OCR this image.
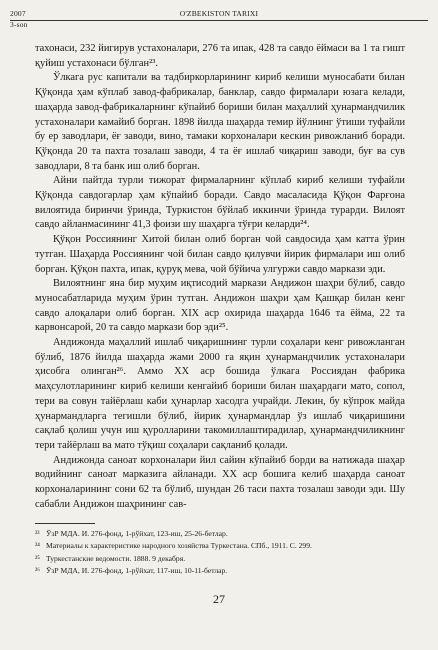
2007	O'ZBEKISTON TARIXI
3-son

тахонаси, 232 йигирув устахоналари, 276 та ипак, 428 та савдо ёймаси ва 1 та гишт қуйиш устахонаси бўлган²³.

Ўлкага рус капитали ва тадбиркорларининг кириб келиши муносабати билан Қўқонда ҳам кўплаб завод-фабрикалар, банклар, савдо фирмалари юзага келади, шаҳарда завод-фабрикаларнинг кўпайиб бориши билан маҳаллий ҳунармандчилик устахоналари камайиб борган. 1898 йилда шаҳарда темир йўлнинг ўтиши туфайли бу ер заводлари, ёғ заводи, вино, тамаки корхоналари кескин ривожланиб боради. Қўқонда 20 та пахта тозалаш заводи, 4 та ёғ ишлаб чиқариш заводи, буғ ва сув заводлари, 8 та банк иш олиб борган.

Айни пайтда турли тижорат фирмаларнинг кўплаб кириб келиши туфайли Қўқонда савдогарлар ҳам кўпайиб боради. Савдо масаласида Қўқон Фарғона вилоятида биринчи ўринда, Туркистон бўйлаб иккинчи ўринда турарди. Вилоят савдо айланмасининг 41,3 фоизи шу шаҳарга тўғри келарди²⁴.

Қўқон Россиянинг Хитой билан олиб борган чой савдосида ҳам катта ўрин тутган. Шаҳарда Россиянинг чой билан савдо қилувчи йирик фирмалари иш олиб борган. Қўқон пахта, ипак, қуруқ мева, чой бўйича улгуржи савдо маркази эди.

Вилоятнинг яна бир муҳим иқтисодий маркази Андижон шаҳри бўлиб, савдо муносабатларида муҳим ўрин тутган. Андижон шаҳри ҳам Қашқар билан кенг савдо алоқалари олиб борган. XIX аср охирида шаҳарда 1646 та ёйма, 22 та карвонсарой, 20 та савдо маркази бор эди²⁵.

Андижонда маҳаллий ишлаб чиқаришнинг турли соҳалари кенг ривожланган бўлиб, 1876 йилда шаҳарда жами 2000 га яқин ҳунармандчилик устахоналари ҳисобга олинган²⁶. Аммо XX аср бошида ўлкага Россиядан фабрика маҳсулотларининг кириб келиши кенгайиб бориши билан шаҳардаги мато, сопол, тери ва совун тайёрлаш каби ҳунарлар хасодга учрайди. Лекин, бу кўпрок майда ҳунармандларга тегишли бўлиб, йирик ҳунармандлар ўз ишлаб чиқаришини сақлаб қолиш учун иш қуролларини такомиллаштирадилар, ҳунармандчиликнинг тери тайёрлаш ва мато тўқиш соҳалари сақланиб қолади.

Андижонда саноат корхоналари йил сайин кўпайиб борди ва натижада шаҳар водийнинг саноат марказига айланади. XX аср бошига келиб шаҳарда саноат корхоналарининг сони 62 та бўлиб, шундан 26 таси пахта тозалаш заводи эди. Шу сабабли Андижон шаҳрининг сав-

²³ ЎзР МДА. И. 276-фонд, 1-рўйхат, 123-иш, 25-26-бетлар.

²⁴ Материалы к характеристике народного хозяйства Туркестана. СПб., 1911. С. 299.

²⁵ Туркестанские ведомости. 1888. 9 декабря.

²⁶ ЎзР МДА, И. 276-фонд, 1-рўйхат, 117-иш, 10-11-бетлар.

27
